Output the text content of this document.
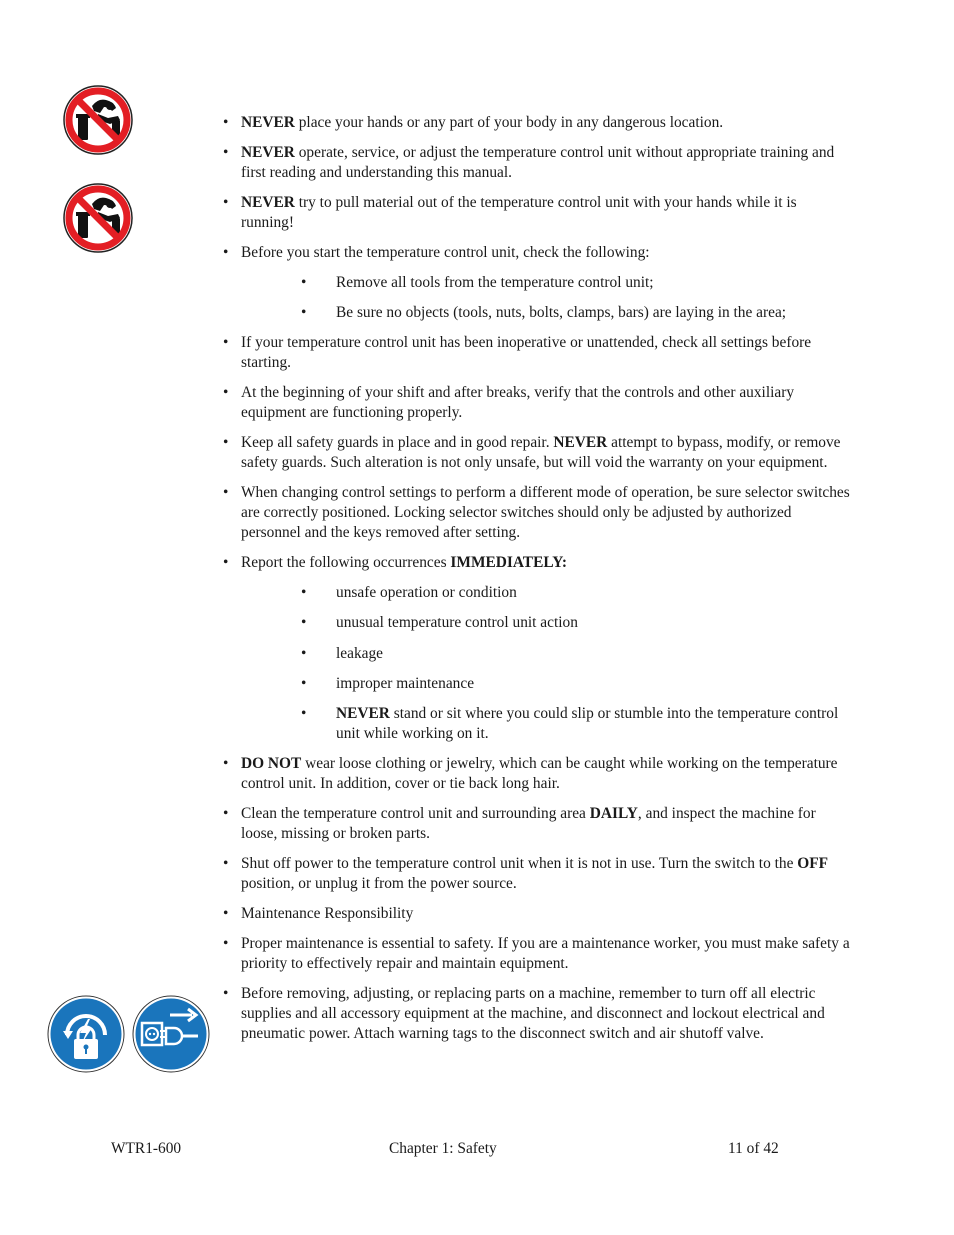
• NEVER place your hands or any part of your body in any dangerous location.
• NEVER operate, service, or adjust the temperature control unit without appropriate training and first reading and understanding this manual.
• NEVER try to pull material out of the temperature control unit with your hands while it is running!
• Before you start the temperature control unit, check the following:
• Remove all tools from the temperature control unit;
• Be sure no objects (tools, nuts, bolts, clamps, bars) are laying in the area;
• If your temperature control unit has been inoperative or unattended, check all settings before starting.
• At the beginning of your shift and after breaks, verify that the controls and other auxiliary equipment are functioning properly.
• Keep all safety guards in place and in good repair. NEVER attempt to bypass, modify, or remove safety guards. Such alteration is not only unsafe, but will void the warranty on your equipment.
• When changing control settings to perform a different mode of operation, be sure selector switches are correctly positioned. Locking selector switches should only be adjusted by authorized personnel and the keys removed after setting.
• Report the following occurrences IMMEDIATELY:
• unsafe operation or condition
• unusual temperature control unit action
• leakage
• improper maintenance
• NEVER stand or sit where you could slip or stumble into the temperature control unit while working on it.
• DO NOT wear loose clothing or jewelry, which can be caught while working on the temperature control unit. In addition, cover or tie back long hair.
• Clean the temperature control unit and surrounding area DAILY, and inspect the machine for loose, missing or broken parts.
• Shut off power to the temperature control unit when it is not in use. Turn the switch to the OFF position, or unplug it from the power source.
• Maintenance Responsibility
• Proper maintenance is essential to safety. If you are a maintenance worker, you must make safety a priority to effectively repair and maintain equipment.
• Before removing, adjusting, or replacing parts on a machine, remember to turn off all electric supplies and all accessory equipment at the machine, and disconnect and lockout electrical and pneumatic power. Attach warning tags to the disconnect switch and air shutoff valve.
WTR1-600	Chapter 1: Safety	11 of 42
